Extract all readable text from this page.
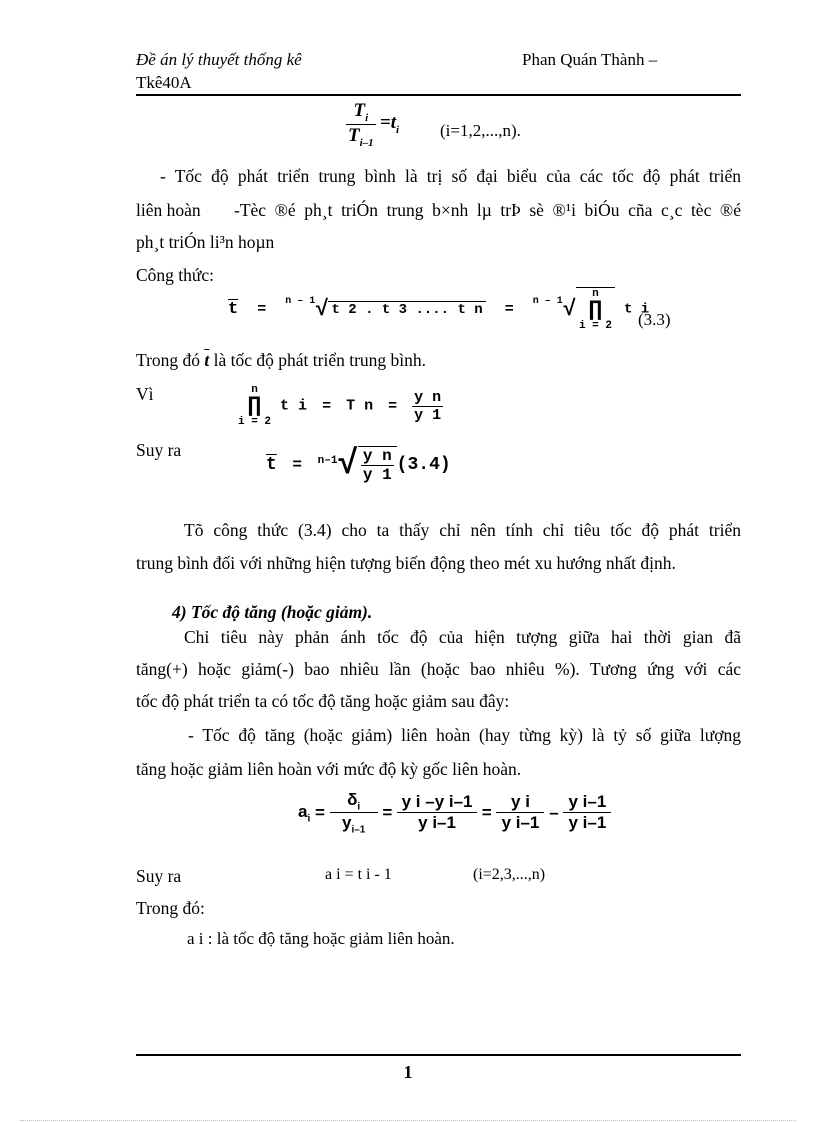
Đề án lý thuyết thống kê	Phan Quán Thành –
Tkê40A
$\frac{T_i}{T_{i-1}} =t_i$ (i=1,2,...,n).
- Tốc độ phát triển trung bình là trị số đại biểu của các tốc độ phát triển
liên hoàn -Tèc ®é ph¸t triÓn trung b×nh lµ trÞ sè ®¹i biÓu cña c¸c tèc ®é
ph¸t triÓn li³n hoµn
Công thức:
$\overline{t} = ^{n - 1}√$ t 2 . t 3 .... t n = $^{n - 1}$√
n
∏
i = 2
t i
(3.3)
Trong đó $\overline{t}$ là tốc độ phát triển trung bình.
Vì	n
∏
i = 2
t i = T $n = \frac{\text{y n}}{y 1}$
Suy ra
$\overline{t} = ^{n-1}√ \frac{\text{y n}}{y 1} (3.4)$
Tõ công thức (3.4) cho ta thấy chỉ nên tính chỉ tiêu tốc độ phát triển
trung bình đối với những hiện tượng biến động theo mét xu hướng nhất định.
4) Tốc độ tăng (hoặc giảm).
Chỉ tiêu này phản ánh tốc độ của hiện tượng giữa hai thời gian đã
tăng(+) hoặc giảm(-) bao nhiêu lần (hoặc bao nhiêu %). Tương ứng với các
tốc độ phát triển ta có tốc độ tăng hoặc giảm sau đây:
- Tốc độ tăng (hoặc giảm) liên hoàn (hay từng kỳ) là tỷ số giữa lượng
tăng hoặc giảm liên hoàn với mức độ kỳ gốc liên hoàn.
$a_i = \frac{\delta_i}{y_{i-1}} = \frac{\text{y i –y i–1}}{\text{y i–1}} = \frac{\text{y i}}{\text{y i–1}} - \frac{\text{y i–1}}{\text{y i–1}}$
Suy ra	a i = t i - 1	(i=2,3,...,n)
Trong đó:
a i : là tốc độ tăng hoặc giảm liên hoàn.
1
